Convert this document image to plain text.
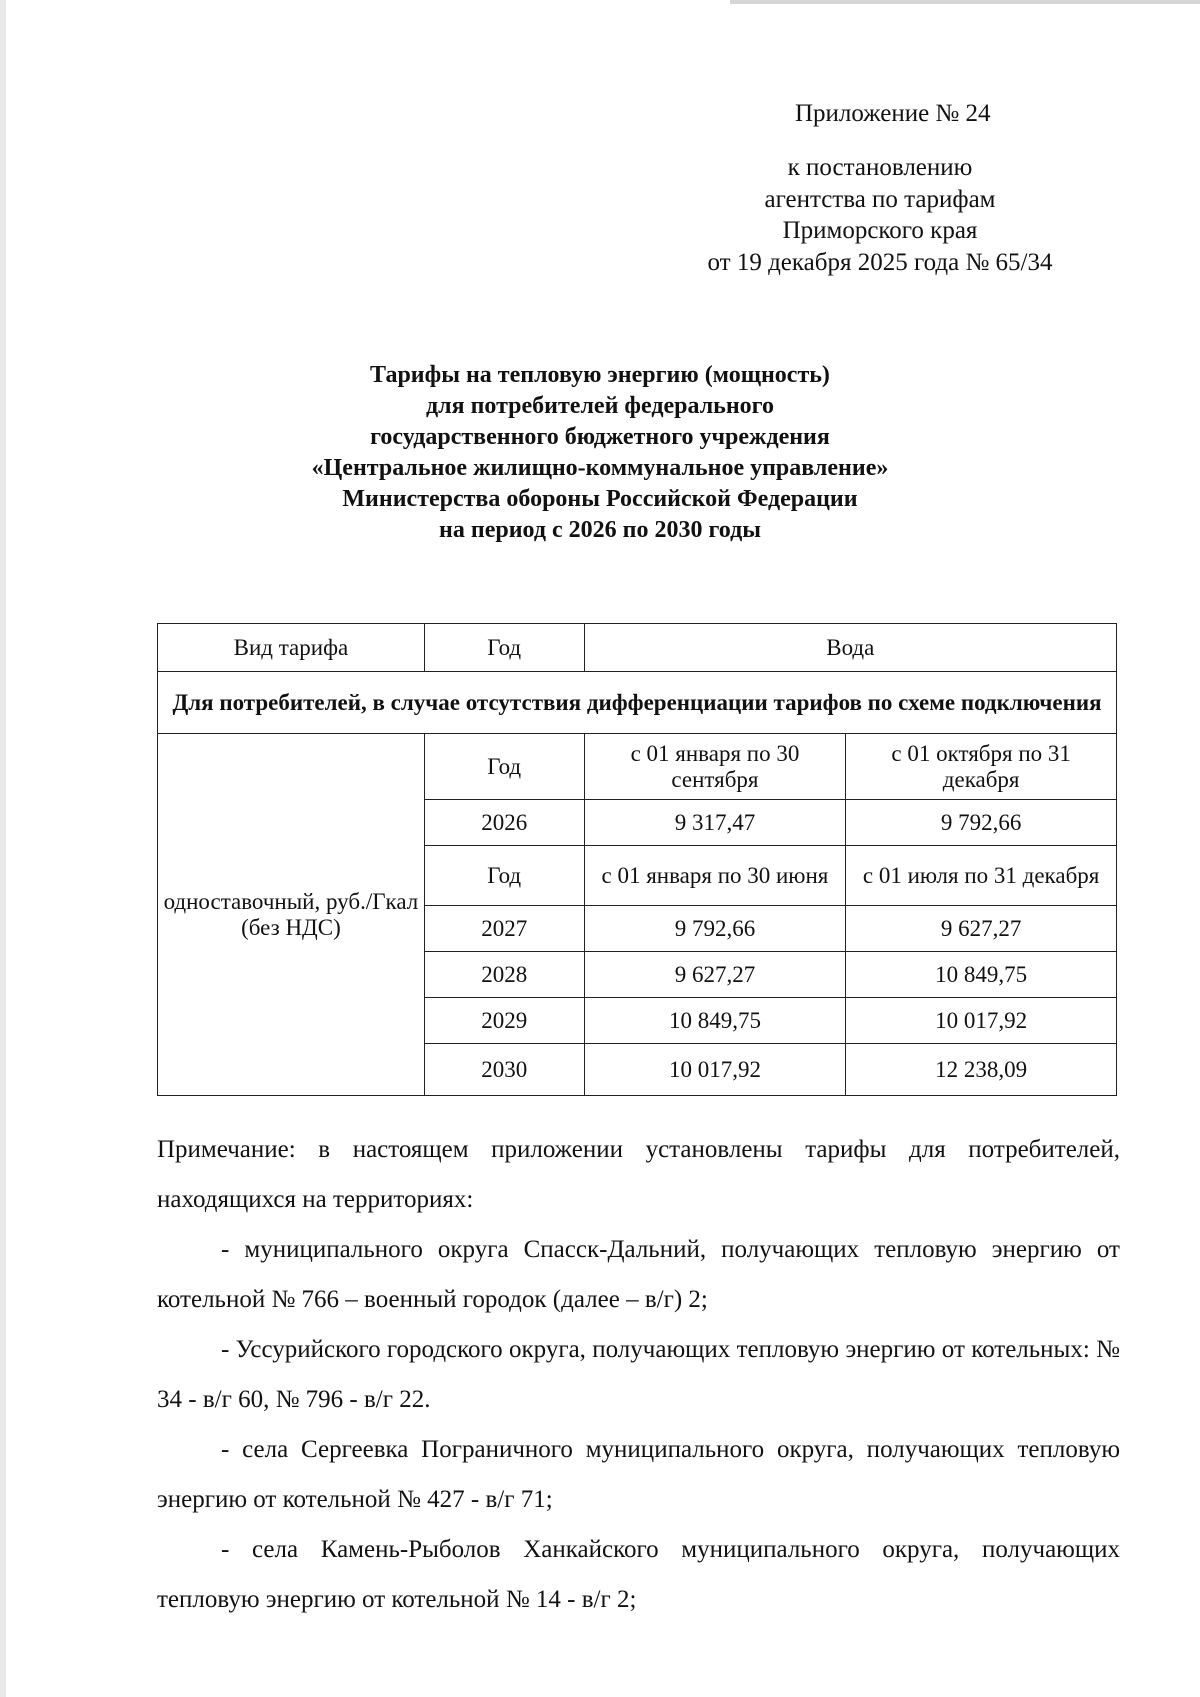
Приложение № 24
к постановлению
агентства по тарифам
Приморского края
от 19 декабря 2025 года № 65/34
Тарифы на тепловую энергию (мощность)
для потребителей федерального
государственного бюджетного учреждения
«Центральное жилищно-коммунальное управление»
Министерства обороны Российской Федерации
на период с 2026 по 2030 годы
Вид тарифа	Год	Вода	
Для потребителей, в случае отсутствия дифференциации тарифов по схеме подключения			
одноставочный, руб./Гкал (без НДС)	Год	с 01 января по 30 сентября	с 01 октября по 31 декабря
	2026	9 317,47	9 792,66
	Год	с 01 января по 30 июня	с 01 июля по 31 декабря
	2027	9 792,66	9 627,27
	2028	9 627,27	10 849,75
	2029	10 849,75	10 017,92
	2030	10 017,92	12 238,09

Примечание: в настоящем приложении установлены тарифы для потребителей, находящихся на территориях:

- муниципального округа Спасск-Дальний, получающих тепловую энергию от котельной № 766 – военный городок (далее – в/г) 2;

- Уссурийского городского округа, получающих тепловую энергию от котельных: № 34 - в/г 60, № 796 - в/г 22.

- села Сергеевка Пограничного муниципального округа, получающих тепловую энергию от котельной № 427 - в/г 71;

- села Камень-Рыболов Ханкайского муниципального округа, получающих тепловую энергию от котельной № 14 - в/г 2;
